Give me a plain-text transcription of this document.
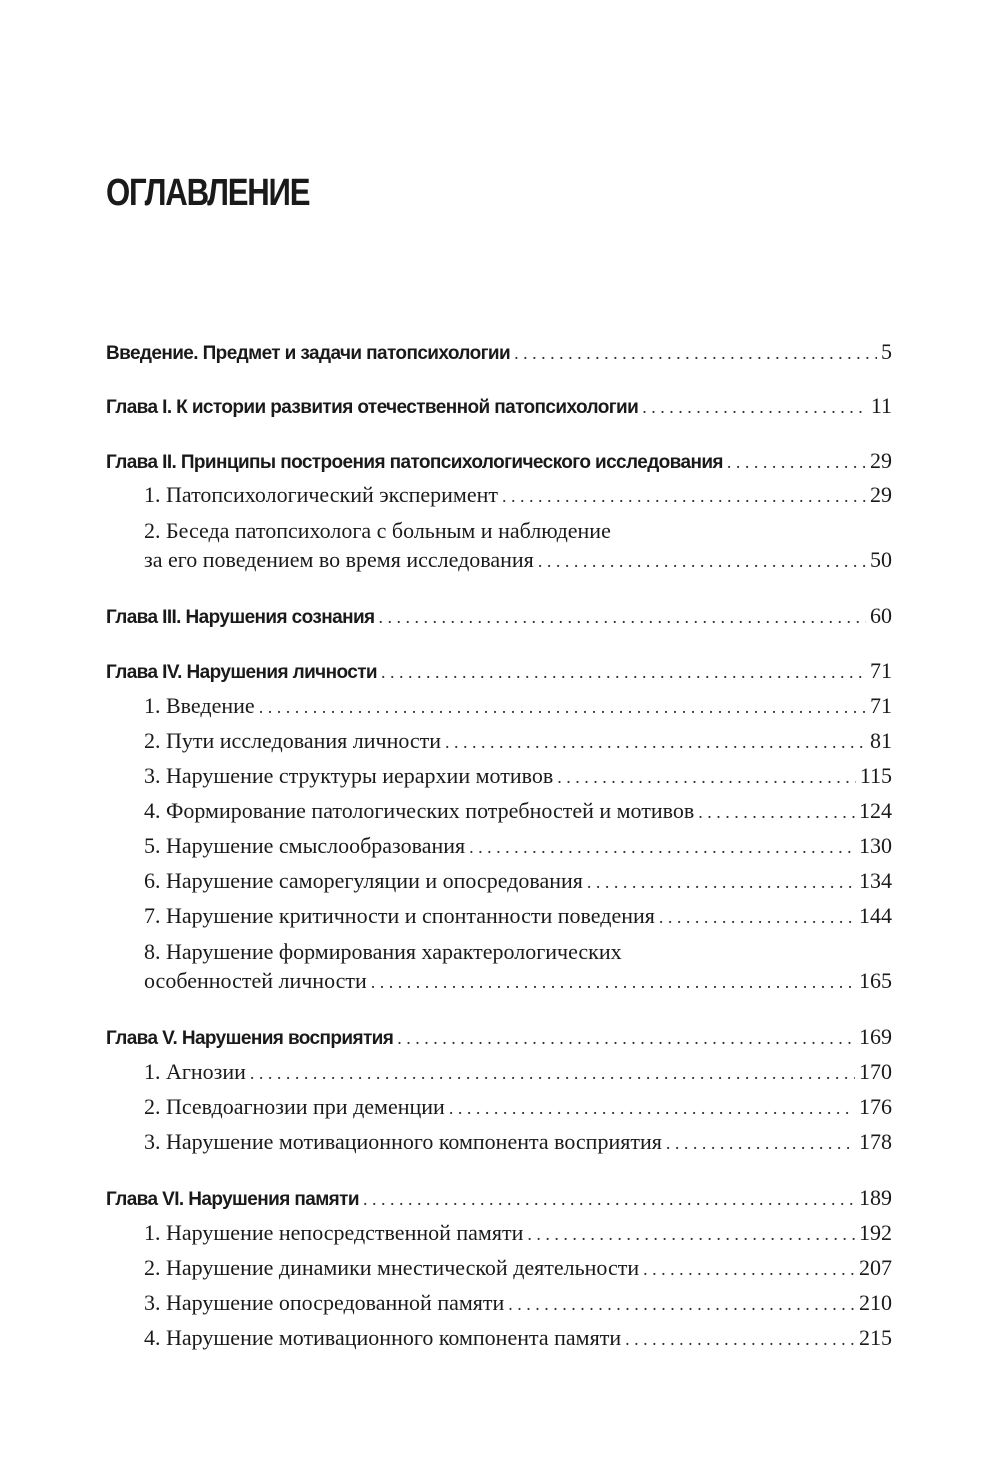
ОГЛАВЛЕНИЕ
Введение. Предмет и задачи патопсихологии . . .	5
Глава I. К истории развития отечественной патопсихологии . . .	11
Глава II. Принципы построения патопсихологического исследования . . .	29
1. Патопсихологический эксперимент . . .	29
2. Беседа патопсихолога с больным и наблюдение
за его поведением во время исследования . . .	50
Глава III. Нарушения сознания . . .	60
Глава IV. Нарушения личности . . .	71
1. Введение . . .	71
2. Пути исследования личности . . .	81
3. Нарушение структуры иерархии мотивов . . .	115
4. Формирование патологических потребностей и мотивов . . .	124
5. Нарушение смыслообразования . . .	130
6. Нарушение саморегуляции и опосредования . . .	134
7. Нарушение критичности и спонтанности поведения . . .	144
8. Нарушение формирования характерологических
особенностей личности . . .	165
Глава V. Нарушения восприятия . . .	169
1. Агнозии . . .	170
2. Псевдоагнозии при деменции . . .	176
3. Нарушение мотивационного компонента восприятия . . .	178
Глава VI. Нарушения памяти . . .	189
1. Нарушение непосредственной памяти . . .	192
2. Нарушение динамики мнестической деятельности . . .	207
3. Нарушение опосредованной памяти . . .	210
4. Нарушение мотивационного компонента памяти . . .	215
